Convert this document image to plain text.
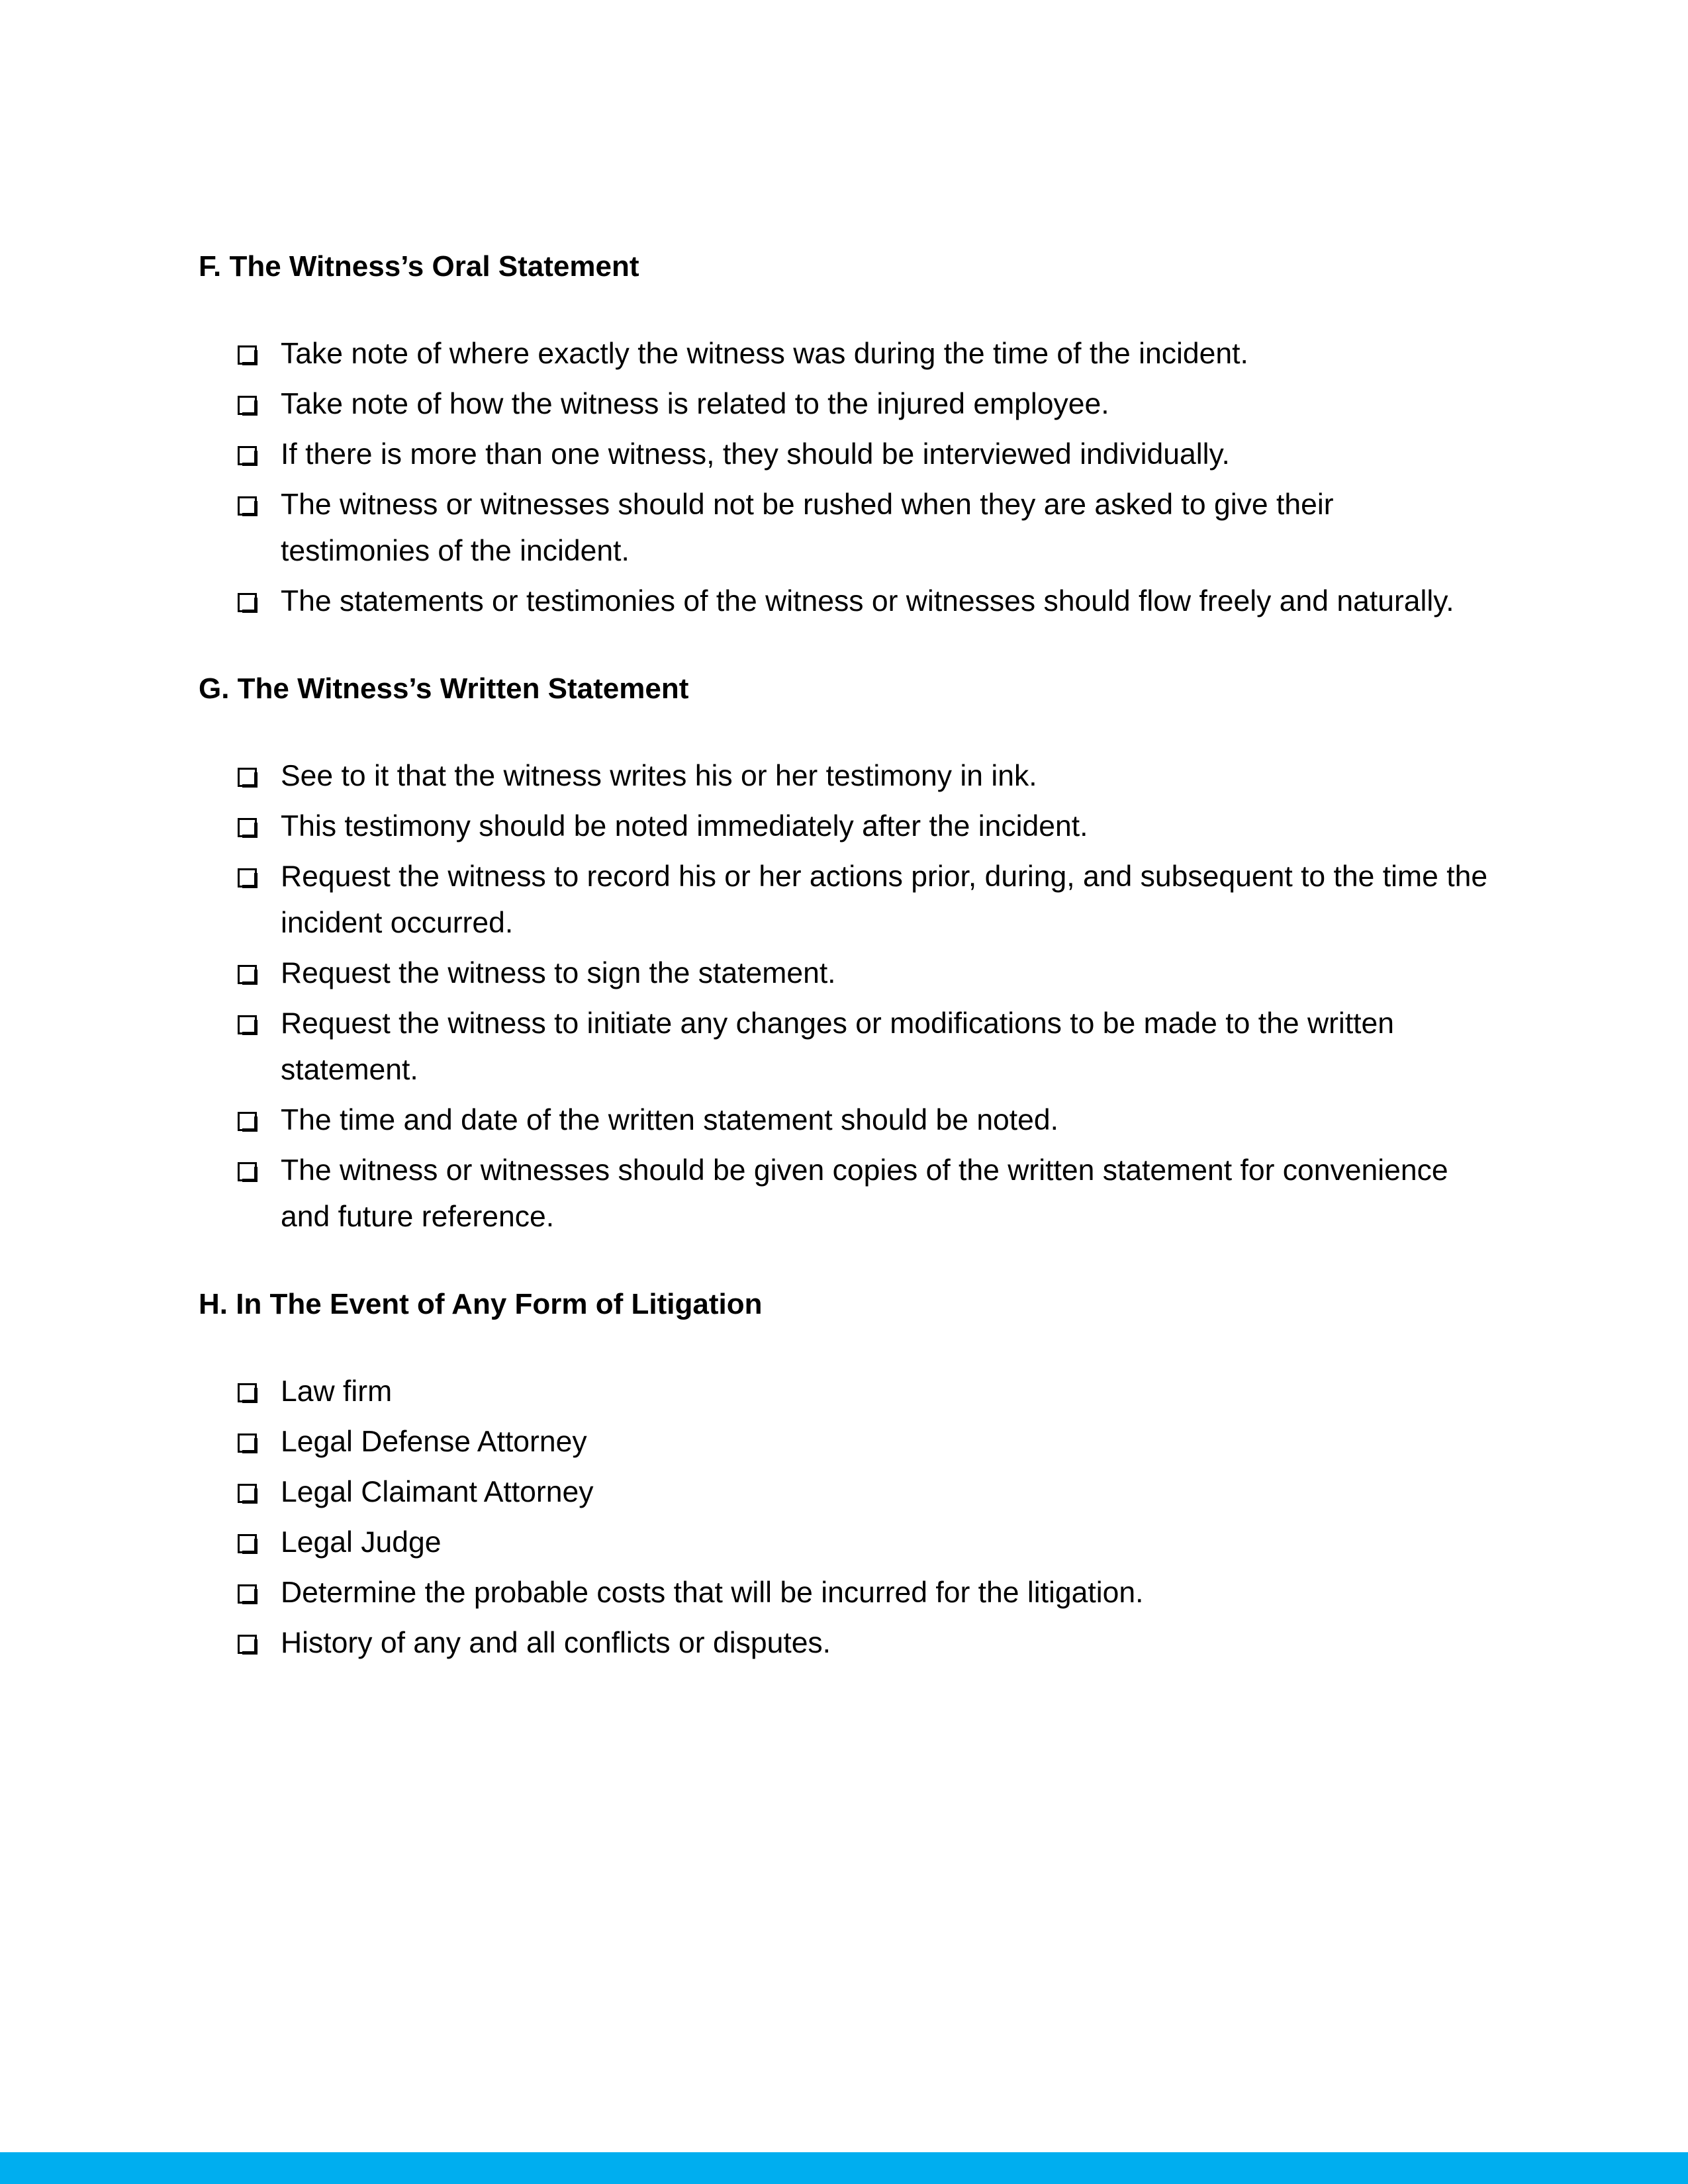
F. The Witness’s Oral Statement
Take note of where exactly the witness was during the time of the incident.
Take note of how the witness is related to the injured employee.
If there is more than one witness, they should be interviewed individually.
The witness or witnesses should not be rushed when they are asked to give their testimonies of the incident.
The statements or testimonies of the witness or witnesses should flow freely and naturally.
G. The Witness’s Written Statement
See to it that the witness writes his or her testimony in ink.
This testimony should be noted immediately after the incident.
Request the witness to record his or her actions prior, during, and subsequent to the time the incident occurred.
Request the witness to sign the statement.
Request the witness to initiate any changes or modifications to be made to the written statement.
The time and date of the written statement should be noted.
The witness or witnesses should be given copies of the written statement for convenience and future reference.
H. In The Event of Any Form of Litigation
Law firm
Legal Defense Attorney
Legal Claimant Attorney
Legal Judge
Determine the probable costs that will be incurred for the litigation.
History of any and all conflicts or disputes.
